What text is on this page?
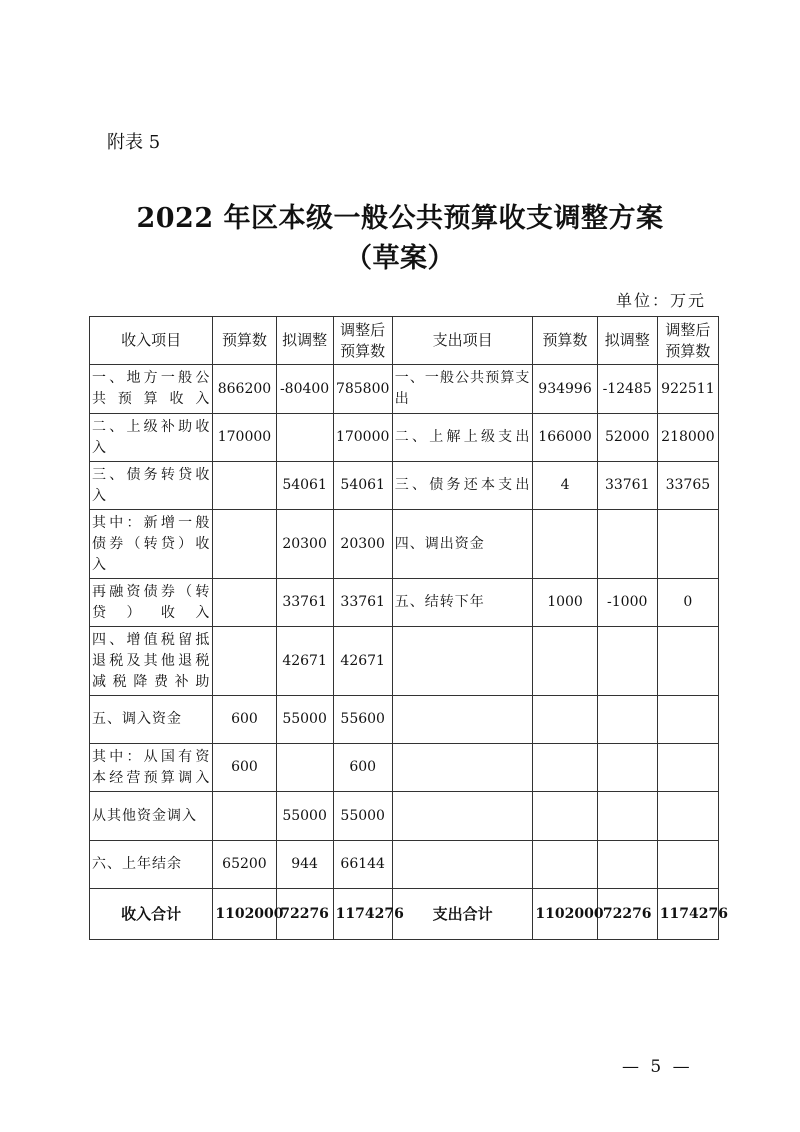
附表 5
2022 年区本级一般公共预算收支调整方案
（草案）
单位：万元
收入项目	预算数	拟调整	调整后预算数	支出项目	预算数	拟调整	调整后预算数
一、地方一般公共预算收入	866200	-80400	785800	一、一般公共预算支出	934996	-12485	922511
二、上级补助收入	170000		170000	二、上解上级支出	166000	52000	218000
三、债务转贷收入		54061	54061	三、债务还本支出	4	33761	33765
其中：新增一般债券（转贷）收入		20300	20300	四、调出资金			
再融资债券（转贷）收入		33761	33761	五、结转下年	1000	-1000	0
四、增值税留抵退税及其他退税减税降费补助		42671	42671				
五、调入资金	600	55000	55600				
其中：从国有资本经营预算调入	600		600				
从其他资金调入		55000	55000				
六、上年结余	65200	944	66144				
收入合计	1102000	72276	1174276	支出合计	1102000	72276	1174276
— 5 —
